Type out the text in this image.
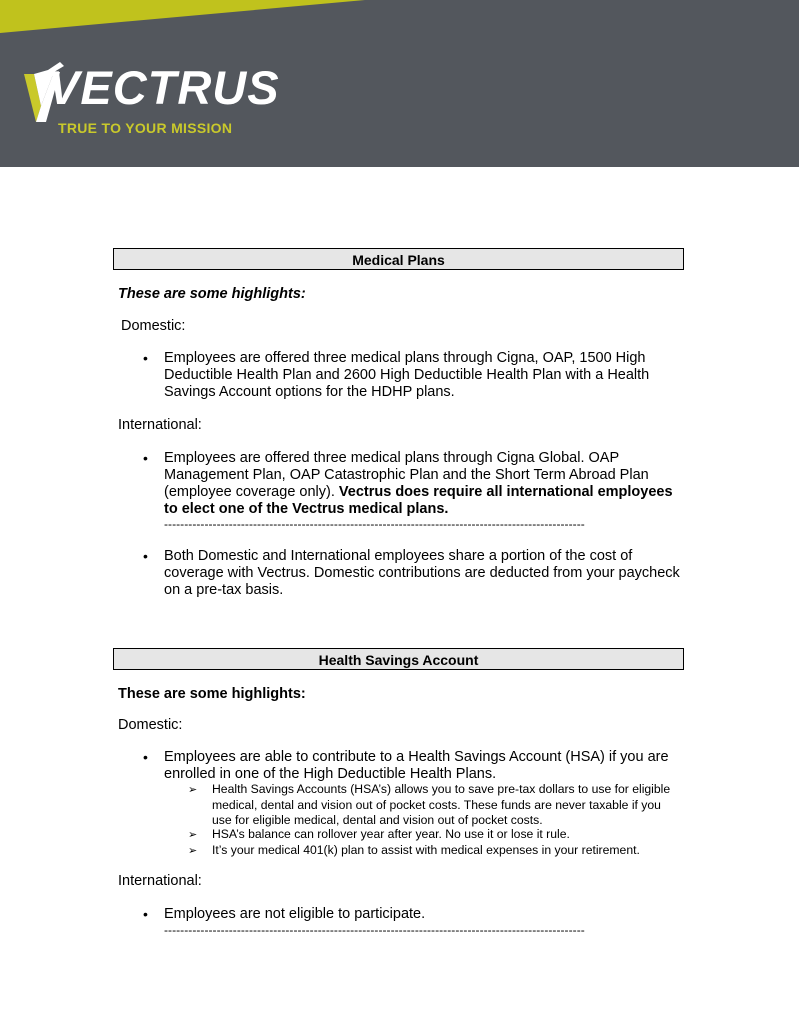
VECTRUS

TRUE TO YOUR MISSION

Medical Plans

These are some highlights:

Domestic:

• Employees are offered three medical plans through Cigna, OAP, 1500 High Deductible Health Plan and 2600 High Deductible Health Plan with a Health Savings Account options for the HDHP plans.

International:

• Employees are offered three medical plans through Cigna Global. OAP Management Plan, OAP Catastrophic Plan and the Short Term Abroad Plan (employee coverage only). Vectrus does require all international employees to elect one of the Vectrus medical plans.

--------------------------------------------------------------------------------------------------------

• Both Domestic and International employees share a portion of the cost of coverage with Vectrus. Domestic contributions are deducted from your paycheck on a pre-tax basis.

Health Savings Account

These are some highlights:

Domestic:

• Employees are able to contribute to a Health Savings Account (HSA) if you are enrolled in one of the High Deductible Health Plans.

➢ Health Savings Accounts (HSA’s) allows you to save pre-tax dollars to use for eligible medical, dental and vision out of pocket costs. These funds are never taxable if you use for eligible medical, dental and vision out of pocket costs.

➢ HSA’s balance can rollover year after year. No use it or lose it rule.

➢ It’s your medical 401(k) plan to assist with medical expenses in your retirement.

International:

• Employees are not eligible to participate.

--------------------------------------------------------------------------------------------------------
